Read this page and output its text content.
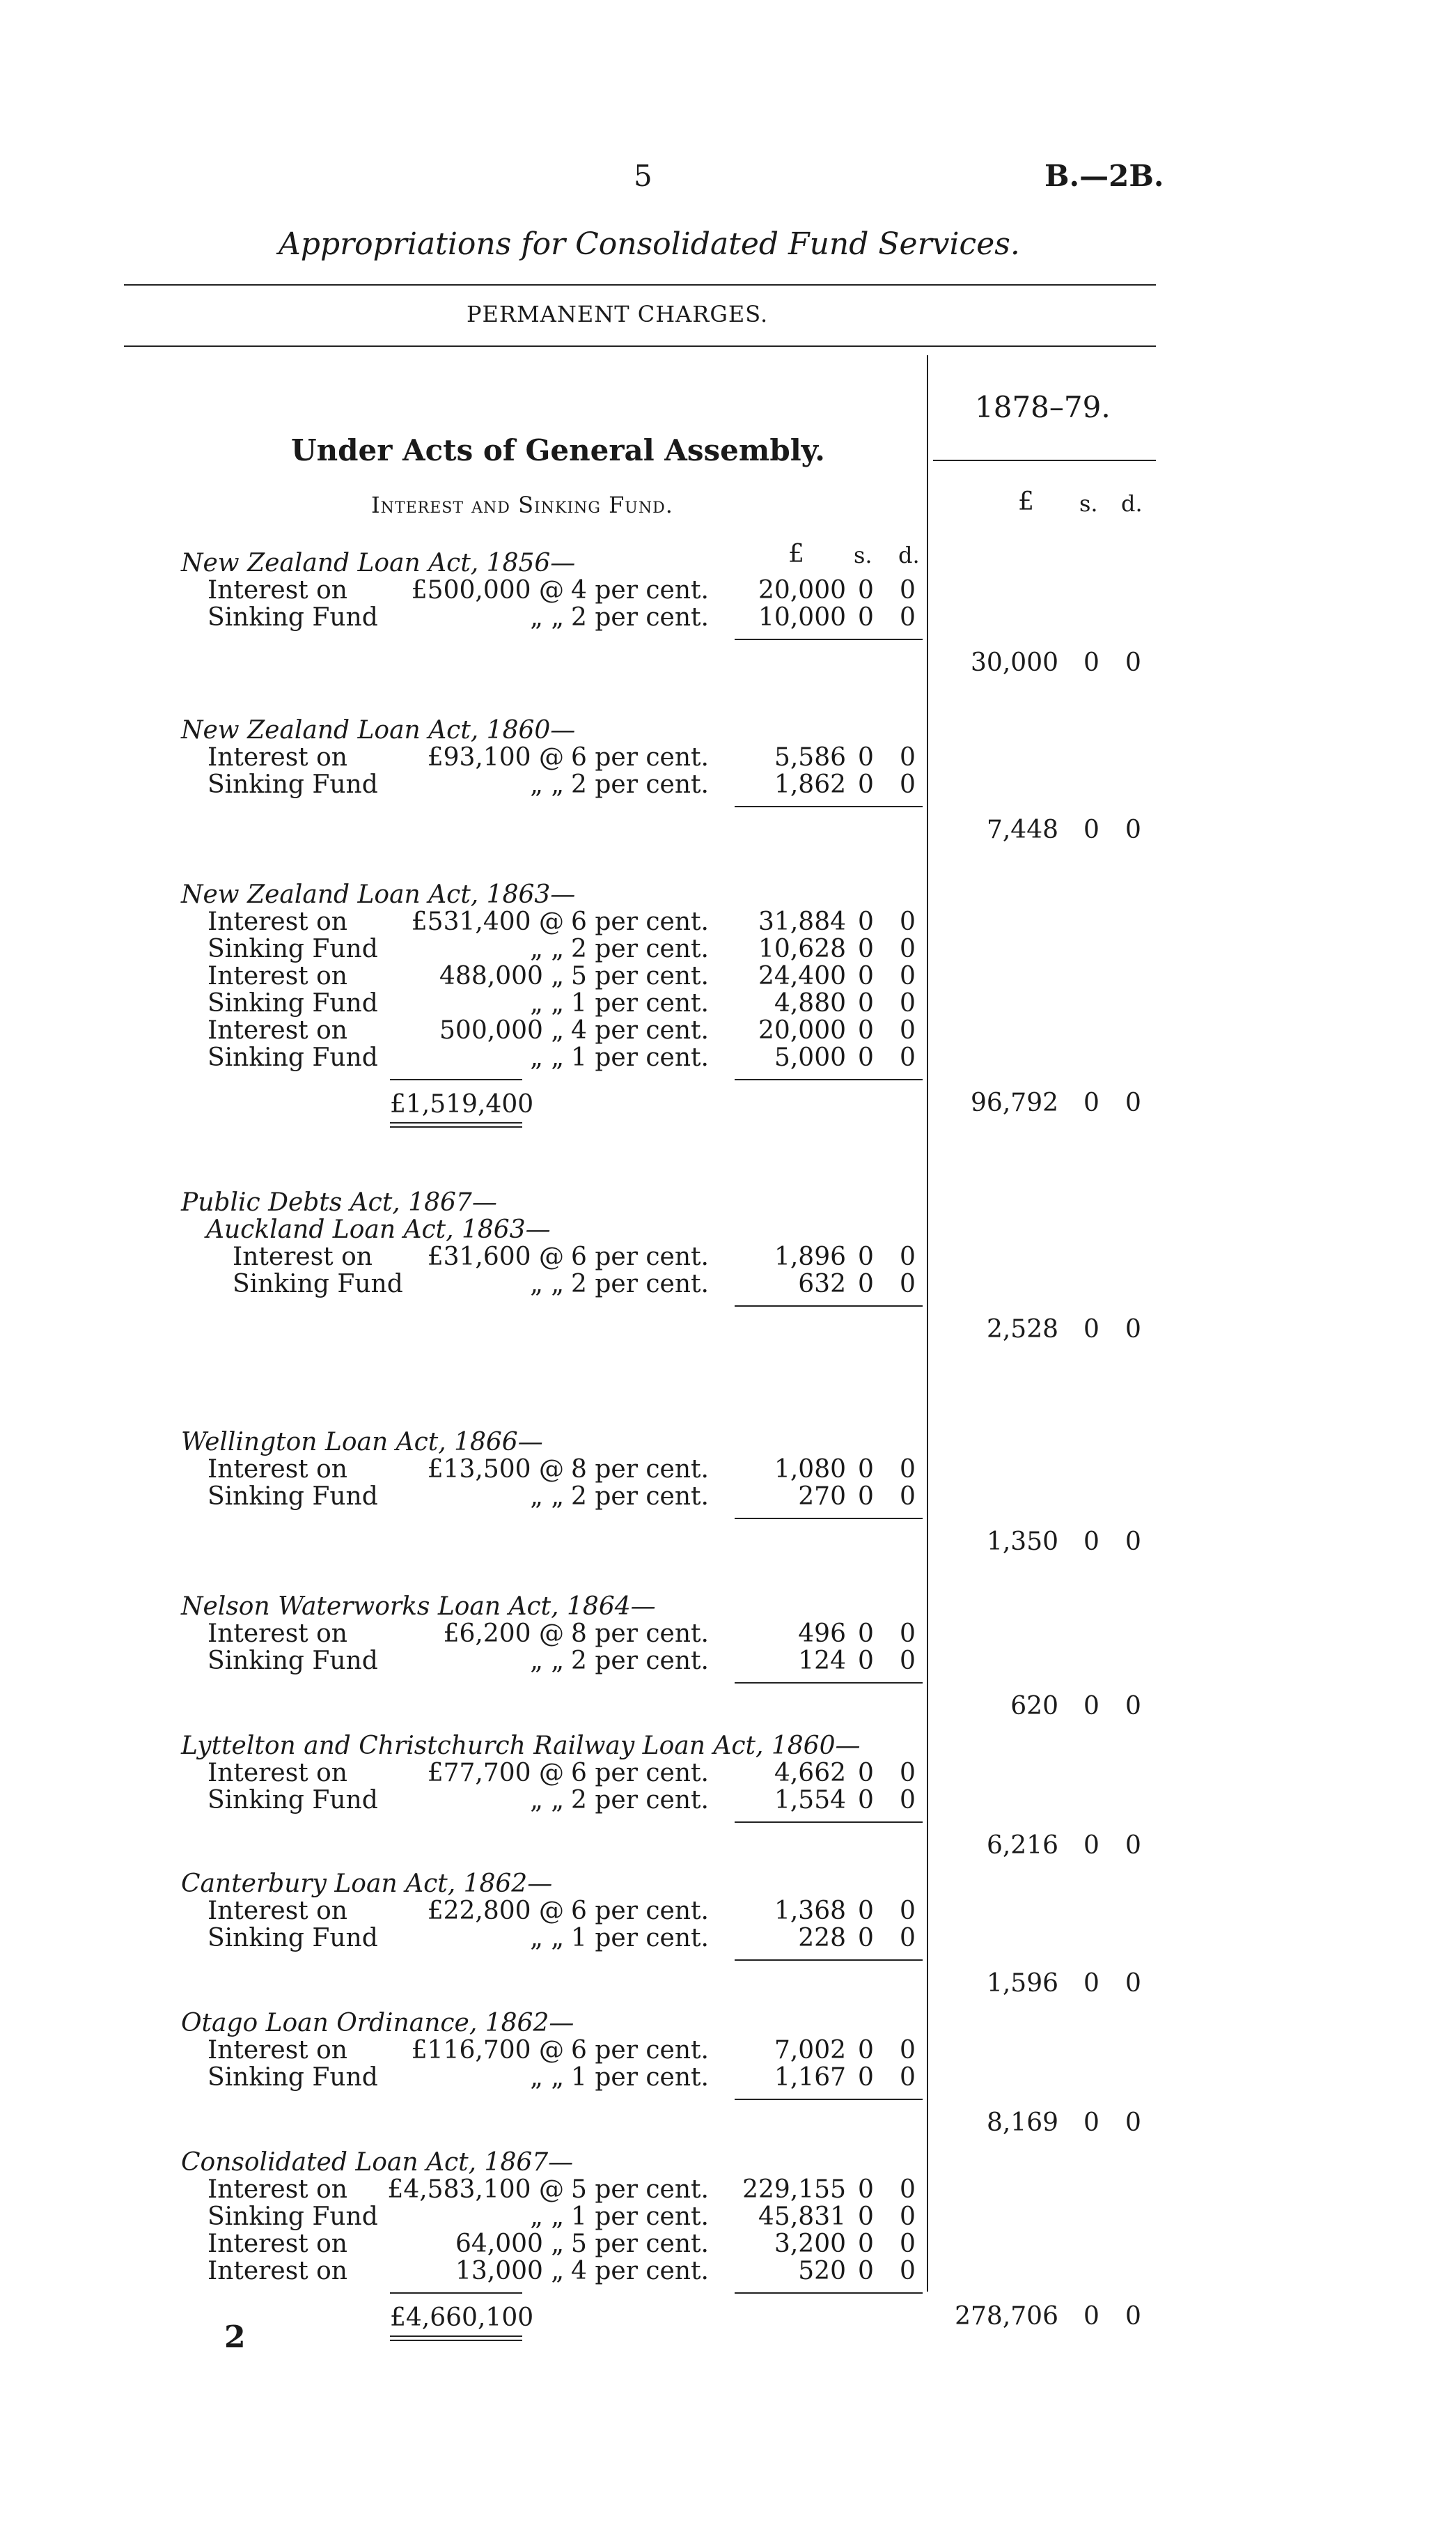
5	B.—2B.
Appropriations for Consolidated Fund Services.
PERMANENT CHARGES.
1878–79.
£ s. d.
Under Acts of General Assembly.
Interest and Sinking Fund.
£ s. d.
New Zealand Loan Act, 1856—
Interest on	£500,000 @ 4 per cent.	20,000 0 0
Sinking Fund	„ „ 2 per cent.	10,000 0 0
30,000 0 0
New Zealand Loan Act, 1860—
Interest on	£93,100 @ 6 per cent.	5,586 0 0
Sinking Fund	„ „ 2 per cent.	1,862 0 0
7,448 0 0
New Zealand Loan Act, 1863—
Interest on	£531,400 @ 6 per cent.	31,884 0 0
Sinking Fund	„ „ 2 per cent.	10,628 0 0
Interest on	488,000 „ 5 per cent.	24,400 0 0
Sinking Fund	„ „ 1 per cent.	4,880 0 0
Interest on	500,000 „ 4 per cent.	20,000 0 0
Sinking Fund	„ „ 1 per cent.	5,000 0 0
£1,519,400	96,792 0 0
Public Debts Act, 1867—
Auckland Loan Act, 1863—
Interest on	£31,600 @ 6 per cent.	1,896 0 0
Sinking Fund	„ „ 2 per cent.	632 0 0
2,528 0 0
Wellington Loan Act, 1866—
Interest on	£13,500 @ 8 per cent.	1,080 0 0
Sinking Fund	„ „ 2 per cent.	270 0 0
1,350 0 0
Nelson Waterworks Loan Act, 1864—
Interest on	£6,200 @ 8 per cent.	496 0 0
Sinking Fund	„ „ 2 per cent.	124 0 0
620 0 0
Lyttelton and Christchurch Railway Loan Act, 1860—
Interest on	£77,700 @ 6 per cent.	4,662 0 0
Sinking Fund	„ „ 2 per cent.	1,554 0 0
6,216 0 0
Canterbury Loan Act, 1862—
Interest on	£22,800 @ 6 per cent.	1,368 0 0
Sinking Fund	„ „ 1 per cent.	228 0 0
1,596 0 0
Otago Loan Ordinance, 1862—
Interest on	£116,700 @ 6 per cent.	7,002 0 0
Sinking Fund	„ „ 1 per cent.	1,167 0 0
8,169 0 0
Consolidated Loan Act, 1867—
Interest on	£4,583,100 @ 5 per cent.	229,155 0 0
Sinking Fund	„ „ 1 per cent.	45,831 0 0
Interest on	64,000 „ 5 per cent.	3,200 0 0
Interest on	13,000 „ 4 per cent.	520 0 0
£4,660,100	278,706 0 0
2
